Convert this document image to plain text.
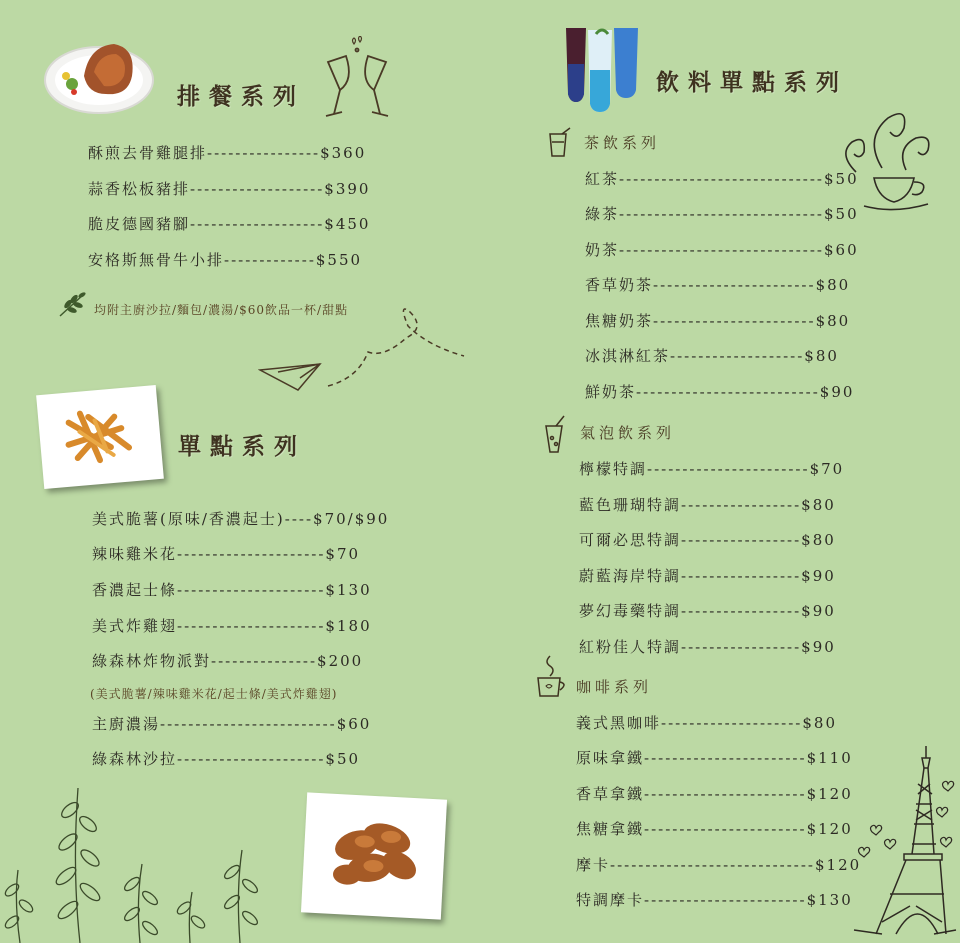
排餐系列
酥煎去骨雞腿排----------------$360
蒜香松板豬排-------------------$390
脆皮德國豬腳-------------------$450
安格斯無骨牛小排-------------$550
均附主廚沙拉/麵包/濃湯/$60飲品一杯/甜點
單點系列
美式脆薯(原味/香濃起士)----$70/$90
辣味雞米花---------------------$70
香濃起士條---------------------$130
美式炸雞翅---------------------$180
綠森林炸物派對---------------$200
(美式脆薯/辣味雞米花/起士條/美式炸雞翅)
主廚濃湯-------------------------$60
綠森林沙拉---------------------$50
飲料單點系列
茶飲系列
紅茶-----------------------------$50
綠茶-----------------------------$50
奶茶-----------------------------$60
香草奶茶-----------------------$80
焦糖奶茶-----------------------$80
冰淇淋紅茶-------------------$80
鮮奶茶--------------------------$90
氣泡飲系列
檸檬特調-----------------------$70
藍色珊瑚特調-----------------$80
可爾必思特調-----------------$80
蔚藍海岸特調-----------------$90
夢幻毒藥特調-----------------$90
紅粉佳人特調-----------------$90
咖啡系列
義式黑咖啡--------------------$80
原味拿鐵-----------------------$110
香草拿鐵-----------------------$120
焦糖拿鐵-----------------------$120
摩卡-----------------------------$120
特調摩卡-----------------------$130
